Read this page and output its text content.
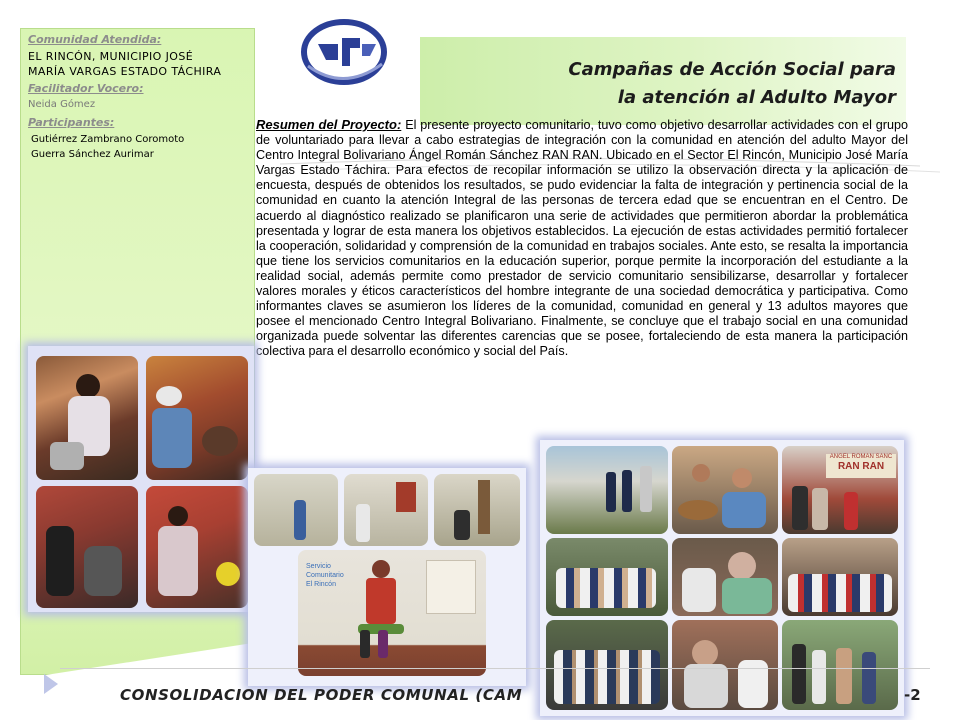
Comunidad Atendida:
EL RINCÓN, MUNICIPIO JOSÉ
MARÍA VARGAS ESTADO TÁCHIRA
Facilitador Vocero:
Neida Gómez
Participantes:
Gutiérrez Zambrano Coromoto
Guerra Sánchez Aurimar
Campañas de Acción Social para
la atención al Adulto Mayor

Resumen del Proyecto: El presente proyecto comunitario, tuvo como objetivo desarrollar actividades con el grupo de voluntariado para llevar a cabo estrategias de integración con la comunidad en atención del adulto Mayor del Centro Integral Bolivariano Ángel Román Sánchez RAN RAN. Ubicado en el Sector El Rincón, Municipio José María Vargas Estado Táchira. Para efectos de recopilar información se utilizo la observación directa y la aplicación de encuesta, después de obtenidos los resultados, se pudo evidenciar la falta de integración y pertinencia social de la comunidad en cuanto la atención Integral de las personas de tercera edad que se encuentran en el Centro. De acuerdo al diagnóstico realizado se planificaron una serie de actividades que permitieron abordar la problemática presentada y lograr de esta manera los objetivos establecidos. La ejecución de estas actividades permitió fortalecer la cooperación, solidaridad y comprensión de la comunidad en trabajos sociales. Ante esto, se resalta la importancia que tiene los servicios comunitarios en la educación superior, porque permite la incorporación del estudiante a la realidad social, además permite como prestador de servicio comunitario sensibilizarse, desarrollar y fortalecer valores morales y éticos característicos del hombre integrante de una sociedad democrática y participativa. Como informantes claves se asumieron los líderes de la comunidad, comunidad en general y 13 adultos mayores que posee el mencionado Centro Integral Bolivariano. Finalmente, se concluye que el trabajo social en una comunidad organizada puede solventar las diferentes carencias que se posee, fortaleciendo de esta manera la participación colectiva para el desarrollo económico y social del País.

Servicio
Comunitario
El Rincón
ANGEL ROMAN SANC
RAN RAN
CONSOLIDACION DEL PODER COMUNAL (CAM	-2
